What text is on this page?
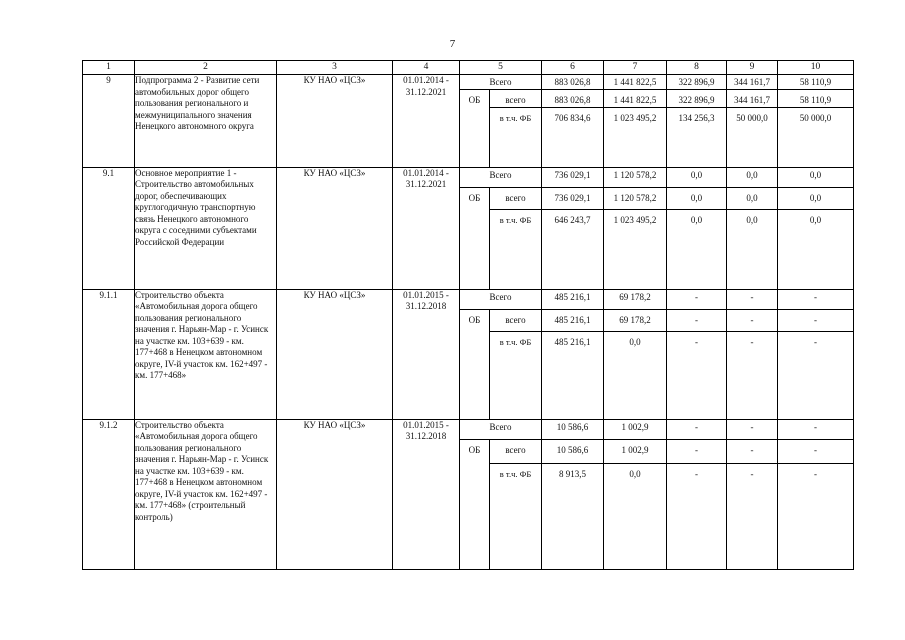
7
1	2	3	4	5		6	7	8	9	10
9	Подпрограмма 2 - Развитие сети автомобильных дорог общего пользования регионального и межмуниципального значения Ненецкого автономного округа	КУ НАО «ЦСЗ»	01.01.2014 - 31.12.2021	Всего		883 026,8	1 441 822,5	322 896,9	344 161,7	58 110,9
				ОБ	всего	883 026,8	1 441 822,5	322 896,9	344 161,7	58 110,9
					в т.ч. ФБ	706 834,6	1 023 495,2	134 256,3	50 000,0	50 000,0
9.1	Основное мероприятие 1 - Строительство автомобильных дорог, обеспечивающих круглогодичную транспортную связь Ненецкого автономного округа с соседними субъектами Российской Федерации	КУ НАО «ЦСЗ»	01.01.2014 - 31.12.2021	Всего		736 029,1	1 120 578,2	0,0	0,0	0,0
				ОБ	всего	736 029,1	1 120 578,2	0,0	0,0	0,0
					в т.ч. ФБ	646 243,7	1 023 495,2	0,0	0,0	0,0
9.1.1	Строительство объекта «Автомобильная дорога общего пользования регионального значения г. Нарьян-Мар - г. Усинск на участке км. 103+639 - км. 177+468 в Ненецком автономном округе, IV-й участок км. 162+497 - км. 177+468»	КУ НАО «ЦСЗ»	01.01.2015 - 31.12.2018	Всего		485 216,1	69 178,2	-	-	-
				ОБ	всего	485 216,1	69 178,2	-	-	-
					в т.ч. ФБ	485 216,1	0,0	-	-	-
9.1.2	Строительство объекта «Автомобильная дорога общего пользования регионального значения г. Нарьян-Мар - г. Усинск на участке км. 103+639 - км. 177+468 в Ненецком автономном округе, IV-й участок км. 162+497 - км. 177+468» (строительный контроль)	КУ НАО «ЦСЗ»	01.01.2015 - 31.12.2018	Всего		10 586,6	1 002,9	-	-	-
				ОБ	всего	10 586,6	1 002,9	-	-	-
					в т.ч. ФБ	8 913,5	0,0	-	-	-
